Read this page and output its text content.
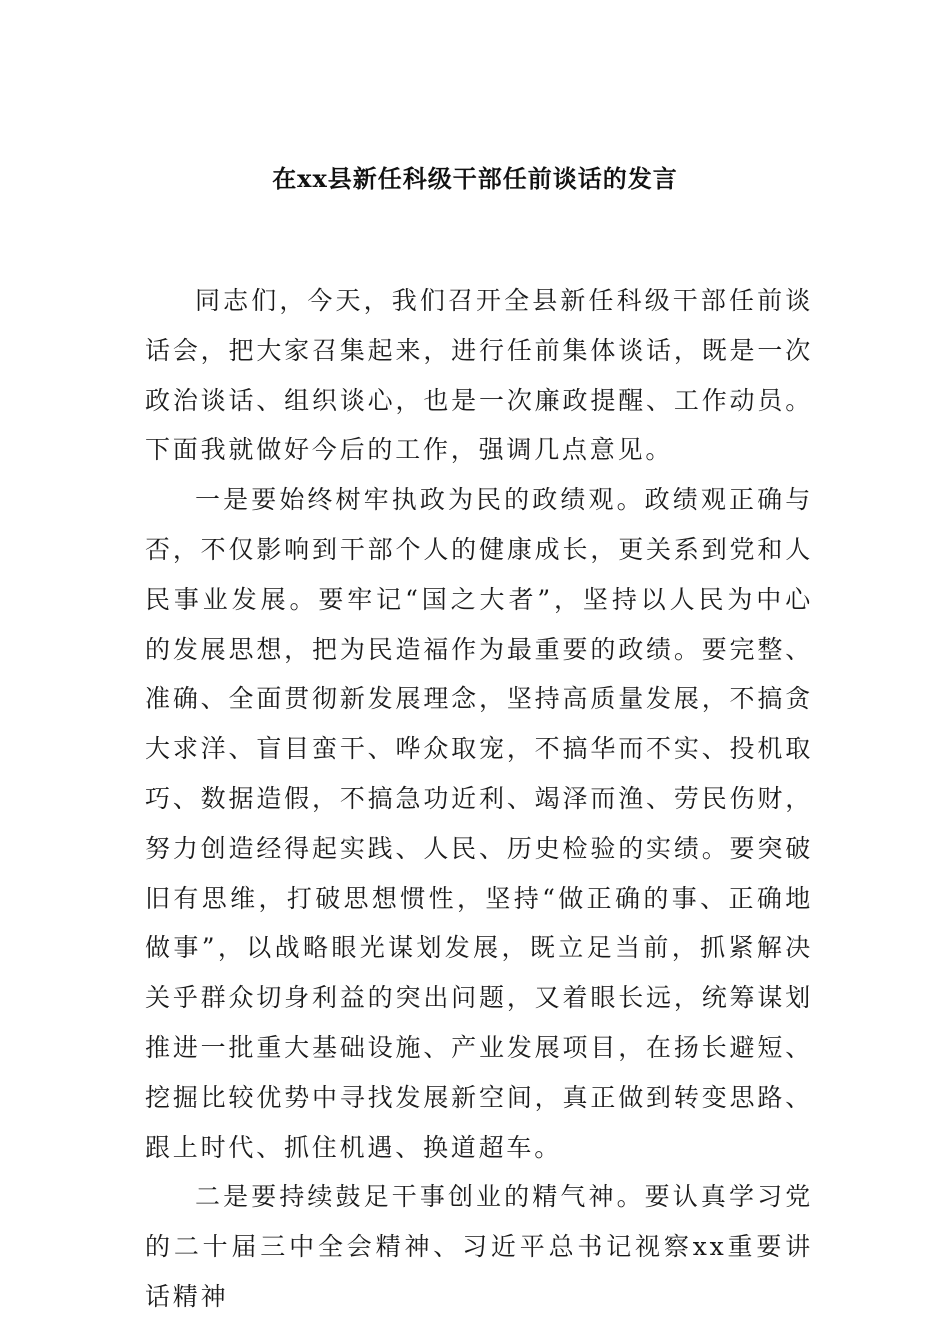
在xx县新任科级干部任前谈话的发言

同志们，今天，我们召开全县新任科级干部任前谈话会，把大家召集起来，进行任前集体谈话，既是一次政治谈话、组织谈心，也是一次廉政提醒、工作动员。下面我就做好今后的工作，强调几点意见。

一是要始终树牢执政为民的政绩观。政绩观正确与否，不仅影响到干部个人的健康成长，更关系到党和人民事业发展。要牢记“国之大者”，坚持以人民为中心的发展思想，把为民造福作为最重要的政绩。要完整、准确、全面贯彻新发展理念，坚持高质量发展，不搞贪大求洋、盲目蛮干、哗众取宠，不搞华而不实、投机取巧、数据造假，不搞急功近利、竭泽而渔、劳民伤财，努力创造经得起实践、人民、历史检验的实绩。要突破旧有思维，打破思想惯性，坚持“做正确的事、正确地做事”，以战略眼光谋划发展，既立足当前，抓紧解决关乎群众切身利益的突出问题，又着眼长远，统筹谋划推进一批重大基础设施、产业发展项目，在扬长避短、挖掘比较优势中寻找发展新空间，真正做到转变思路、跟上时代、抓住机遇、换道超车。

二是要持续鼓足干事创业的精气神。要认真学习党的二十届三中全会精神、习近平总书记视察xx重要讲话精神
